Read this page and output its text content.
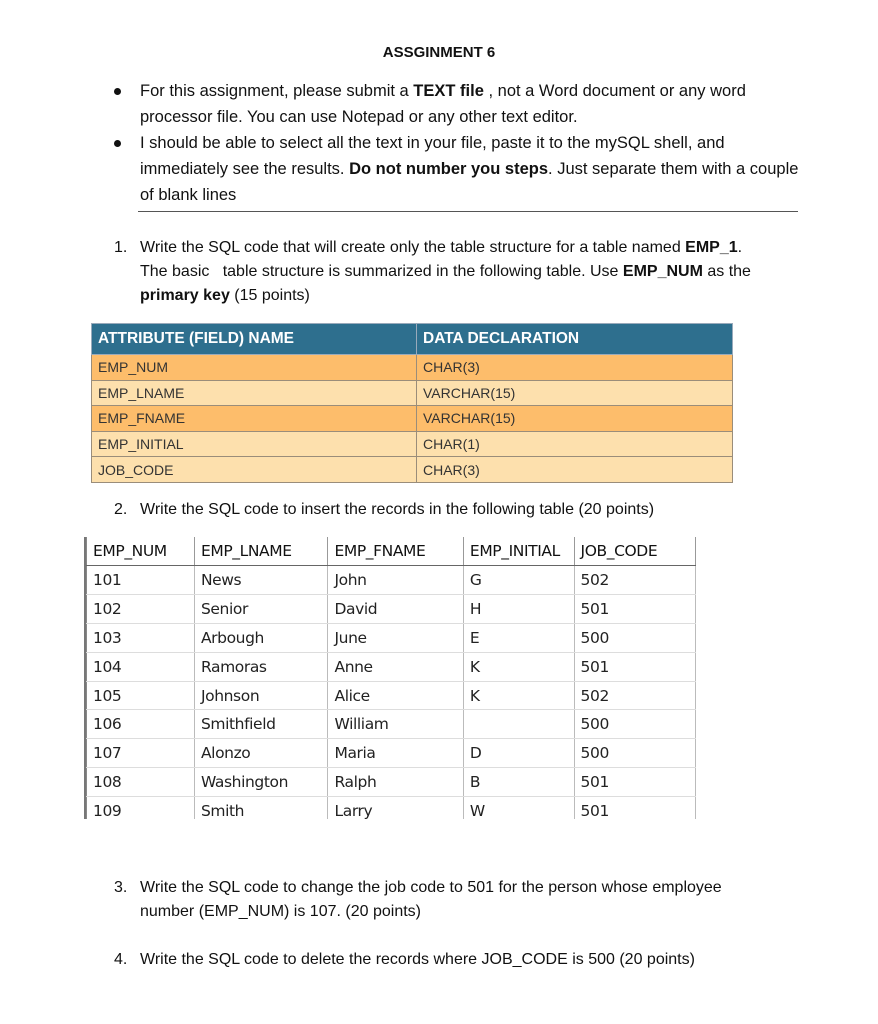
ASSGINMENT 6
For this assignment, please submit a TEXT file , not a Word document or any word processor file. You can use Notepad or any other text editor.
I should be able to select all the text in your file, paste it to the mySQL shell, and immediately see the results. Do not number you steps. Just separate them with a couple of blank lines
1. Write the SQL code that will create only the table structure for a table named EMP_1.
The basic   table structure is summarized in the following table. Use EMP_NUM as the
primary key (15 points)
ATTRIBUTE (FIELD) NAME	DATA DECLARATION
EMP_NUM	CHAR(3)
EMP_LNAME	VARCHAR(15)
EMP_FNAME	VARCHAR(15)
EMP_INITIAL	CHAR(1)
JOB_CODE	CHAR(3)
2. Write the SQL code to insert the records in the following table (20 points)
EMP_NUM	EMP_LNAME	EMP_FNAME	EMP_INITIAL	JOB_CODE
101	News	John	G	502
102	Senior	David	H	501
103	Arbough	June	E	500
104	Ramoras	Anne	K	501
105	Johnson	Alice	K	502
106	Smithfield	William		500
107	Alonzo	Maria	D	500
108	Washington	Ralph	B	501
109	Smith	Larry	W	501
3. Write the SQL code to change the job code to 501 for the person whose employee
number (EMP_NUM) is 107. (20 points)
4. Write the SQL code to delete the records where JOB_CODE is 500 (20 points)
